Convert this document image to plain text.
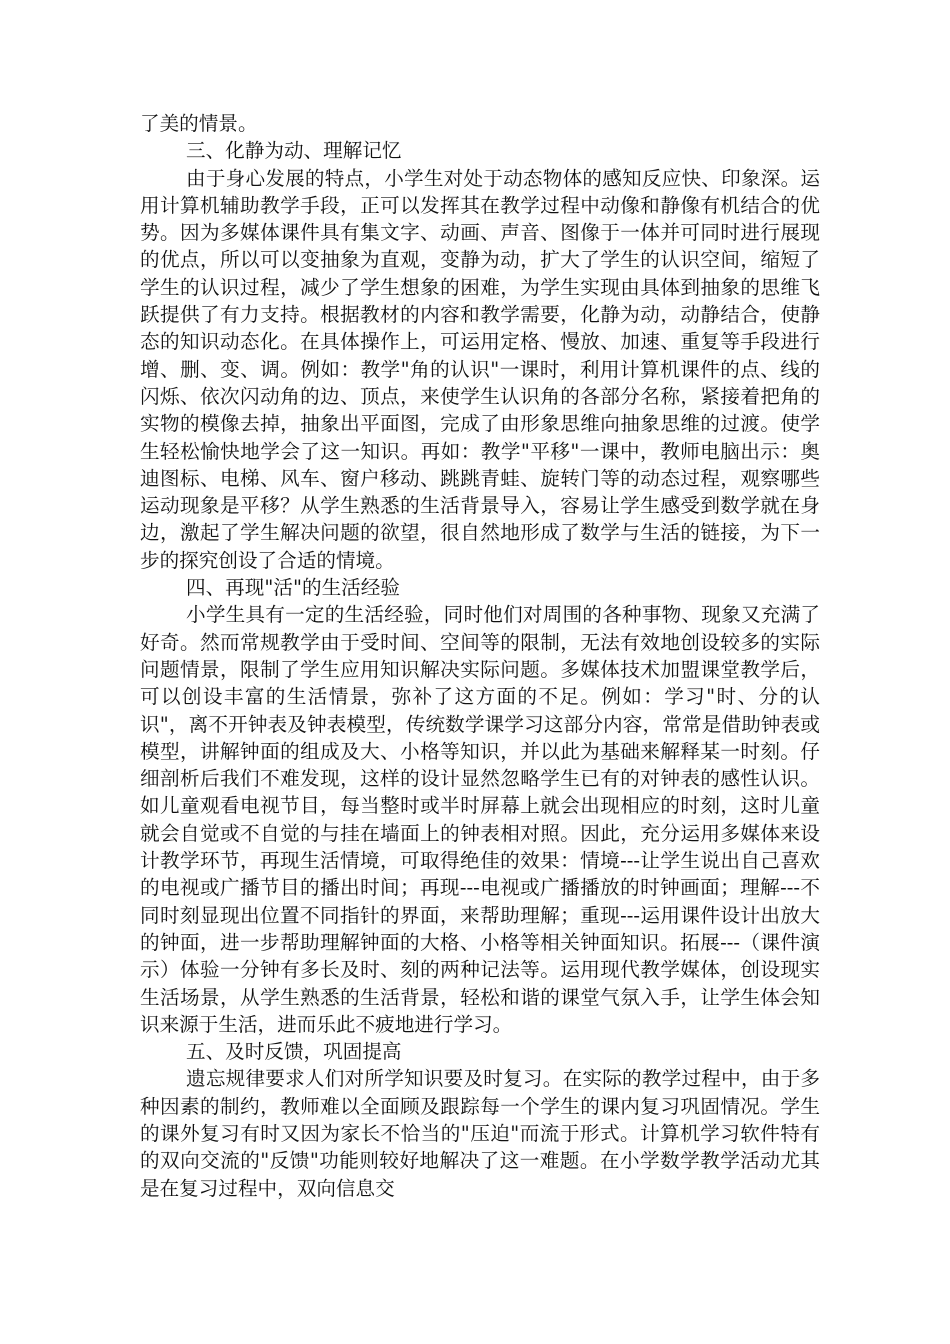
了美的情景。

三、化静为动、理解记忆

由于身心发展的特点，小学生对处于动态物体的感知反应快、印象深。运用计算机辅助教学手段，正可以发挥其在教学过程中动像和静像有机结合的优势。因为多媒体课件具有集文字、动画、声音、图像于一体并可同时进行展现的优点，所以可以变抽象为直观，变静为动，扩大了学生的认识空间，缩短了学生的认识过程，减少了学生想象的困难，为学生实现由具体到抽象的思维飞跃提供了有力支持。根据教材的内容和教学需要，化静为动，动静结合，使静态的知识动态化。在具体操作上，可运用定格、慢放、加速、重复等手段进行增、删、变、调。例如：教学"角的认识"一课时，利用计算机课件的点、线的闪烁、依次闪动角的边、顶点，来使学生认识角的各部分名称，紧接着把角的实物的模像去掉，抽象出平面图，完成了由形象思维向抽象思维的过渡。使学生轻松愉快地学会了这一知识。再如：教学"平移"一课中，教师电脑出示：奥迪图标、电梯、风车、窗户移动、跳跳青蛙、旋转门等的动态过程，观察哪些运动现象是平移？从学生熟悉的生活背景导入，容易让学生感受到数学就在身边，激起了学生解决问题的欲望，很自然地形成了数学与生活的链接，为下一步的探究创设了合适的情境。

四、再现"活"的生活经验

小学生具有一定的生活经验，同时他们对周围的各种事物、现象又充满了好奇。然而常规教学由于受时间、空间等的限制，无法有效地创设较多的实际问题情景，限制了学生应用知识解决实际问题。多媒体技术加盟课堂教学后，可以创设丰富的生活情景，弥补了这方面的不足。例如：学习"时、分的认识"，离不开钟表及钟表模型，传统数学课学习这部分内容，常常是借助钟表或模型，讲解钟面的组成及大、小格等知识，并以此为基础来解释某一时刻。仔细剖析后我们不难发现，这样的设计显然忽略学生已有的对钟表的感性认识。如儿童观看电视节目，每当整时或半时屏幕上就会出现相应的时刻，这时儿童就会自觉或不自觉的与挂在墙面上的钟表相对照。因此，充分运用多媒体来设计教学环节，再现生活情境，可取得绝佳的效果：情境---让学生说出自己喜欢的电视或广播节目的播出时间；再现---电视或广播播放的时钟画面；理解---不同时刻显现出位置不同指针的界面，来帮助理解；重现---运用课件设计出放大的钟面，进一步帮助理解钟面的大格、小格等相关钟面知识。拓展---（课件演示）体验一分钟有多长及时、刻的两种记法等。运用现代教学媒体，创设现实生活场景，从学生熟悉的生活背景，轻松和谐的课堂气氛入手，让学生体会知识来源于生活，进而乐此不疲地进行学习。

五、及时反馈，巩固提高

遗忘规律要求人们对所学知识要及时复习。在实际的教学过程中，由于多种因素的制约，教师难以全面顾及跟踪每一个学生的课内复习巩固情况。学生的课外复习有时又因为家长不恰当的"压迫"而流于形式。计算机学习软件特有的双向交流的"反馈"功能则较好地解决了这一难题。在小学数学教学活动尤其是在复习过程中，双向信息交
